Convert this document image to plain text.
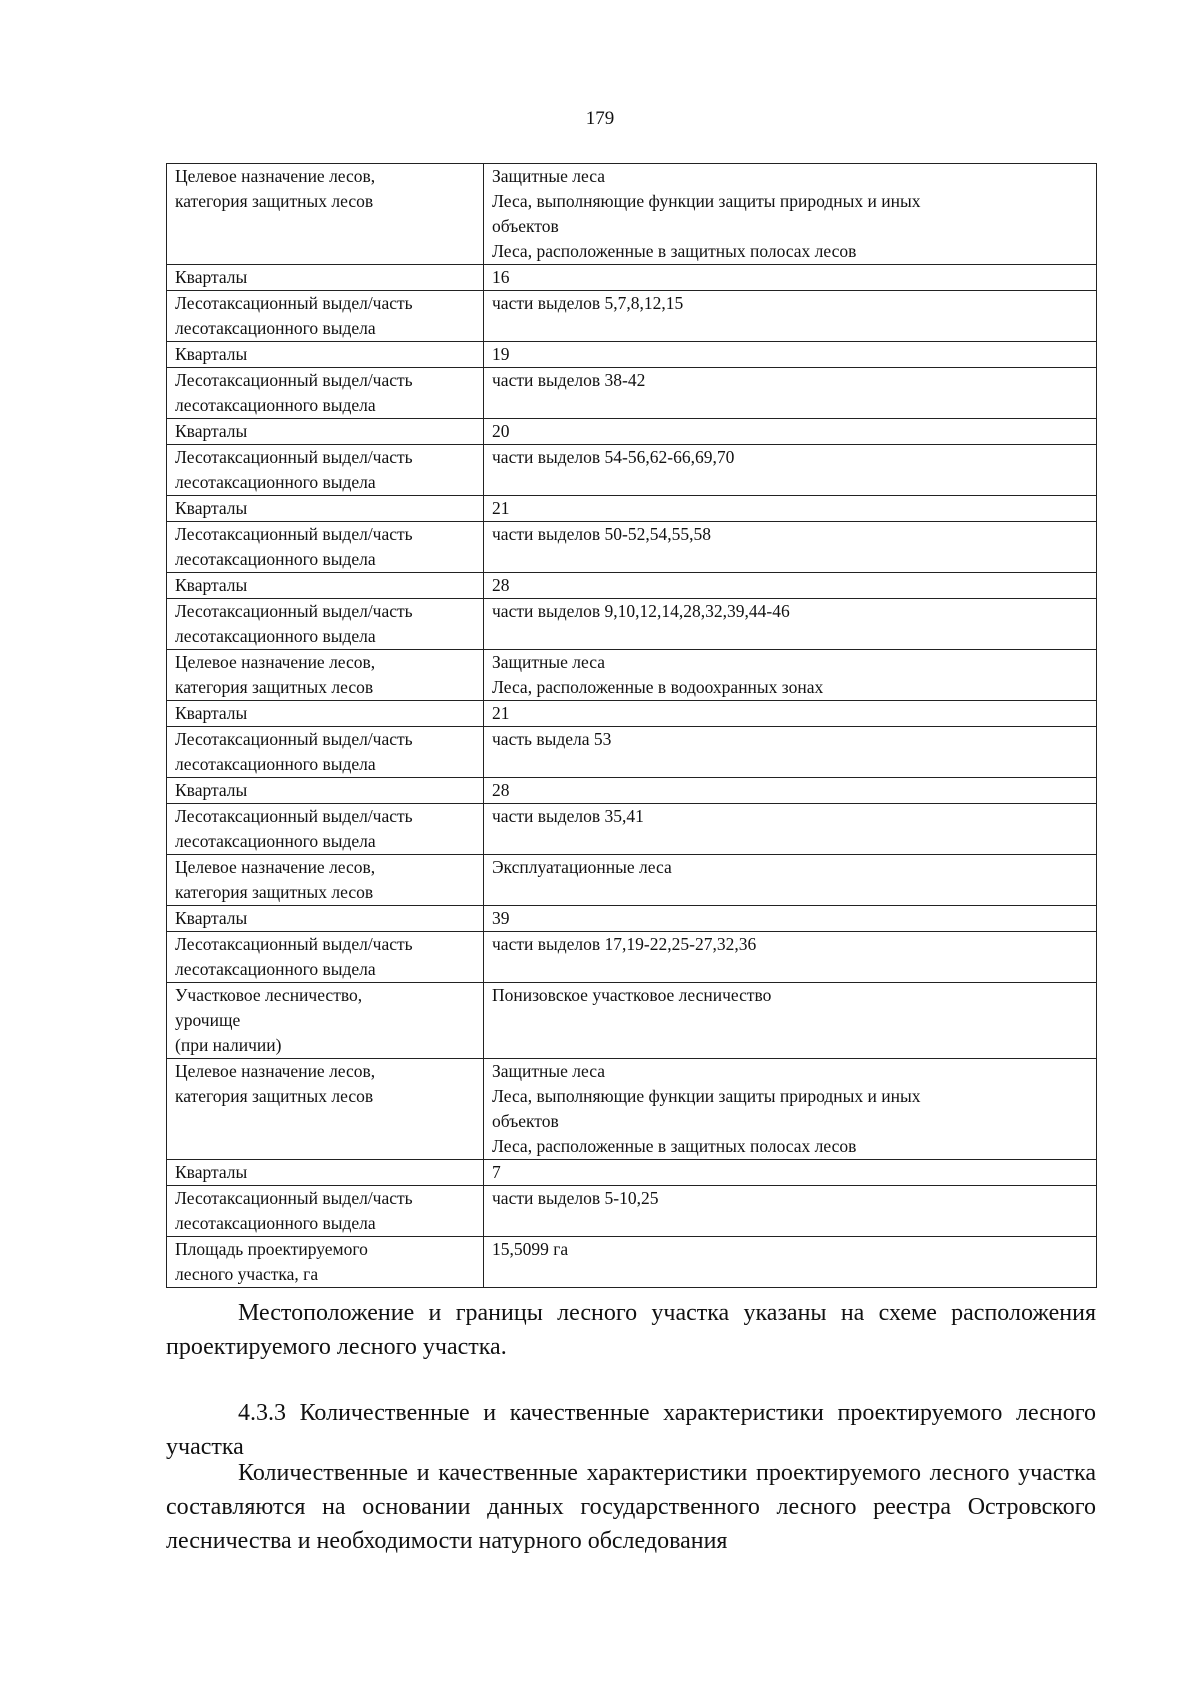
179
Целевое назначение лесов,
категория защитных лесов	Защитные леса
Леса, выполняющие функции защиты природных и иных
объектов
Леса, расположенные в защитных полосах лесов

Кварталы	16

Лесотаксационный выдел/часть
лесотаксационного выдела	части выделов 5,7,8,12,15

Кварталы	19

Лесотаксационный выдел/часть
лесотаксационного выдела	части выделов 38-42

Кварталы	20

Лесотаксационный выдел/часть
лесотаксационного выдела	части выделов 54-56,62-66,69,70

Кварталы	21

Лесотаксационный выдел/часть
лесотаксационного выдела	части выделов 50-52,54,55,58

Кварталы	28

Лесотаксационный выдел/часть
лесотаксационного выдела	части выделов 9,10,12,14,28,32,39,44-46

Целевое назначение лесов,
категория защитных лесов	Защитные леса
Леса, расположенные в водоохранных зонах

Кварталы	21

Лесотаксационный выдел/часть
лесотаксационного выдела	часть выдела 53

Кварталы	28

Лесотаксационный выдел/часть
лесотаксационного выдела	части выделов 35,41

Целевое назначение лесов,
категория защитных лесов	Эксплуатационные леса

Кварталы	39

Лесотаксационный выдел/часть
лесотаксационного выдела	части выделов 17,19-22,25-27,32,36

Участковое лесничество,
урочище
(при наличии)	Понизовское участковое лесничество

Целевое назначение лесов,
категория защитных лесов	Защитные леса
Леса, выполняющие функции защиты природных и иных
объектов
Леса, расположенные в защитных полосах лесов

Кварталы	7

Лесотаксационный выдел/часть
лесотаксационного выдела	части выделов 5-10,25

Площадь проектируемого
лесного участка, га	15,5099 га

Местоположение и границы лесного участка указаны на схеме расположения проектируемого лесного участка.

4.3.3 Количественные и качественные характеристики проектируемого лесного участка

Количественные и качественные характеристики проектируемого лесного участка составляются на основании данных государственного лесного реестра Островского лесничества и необходимости натурного обследования
